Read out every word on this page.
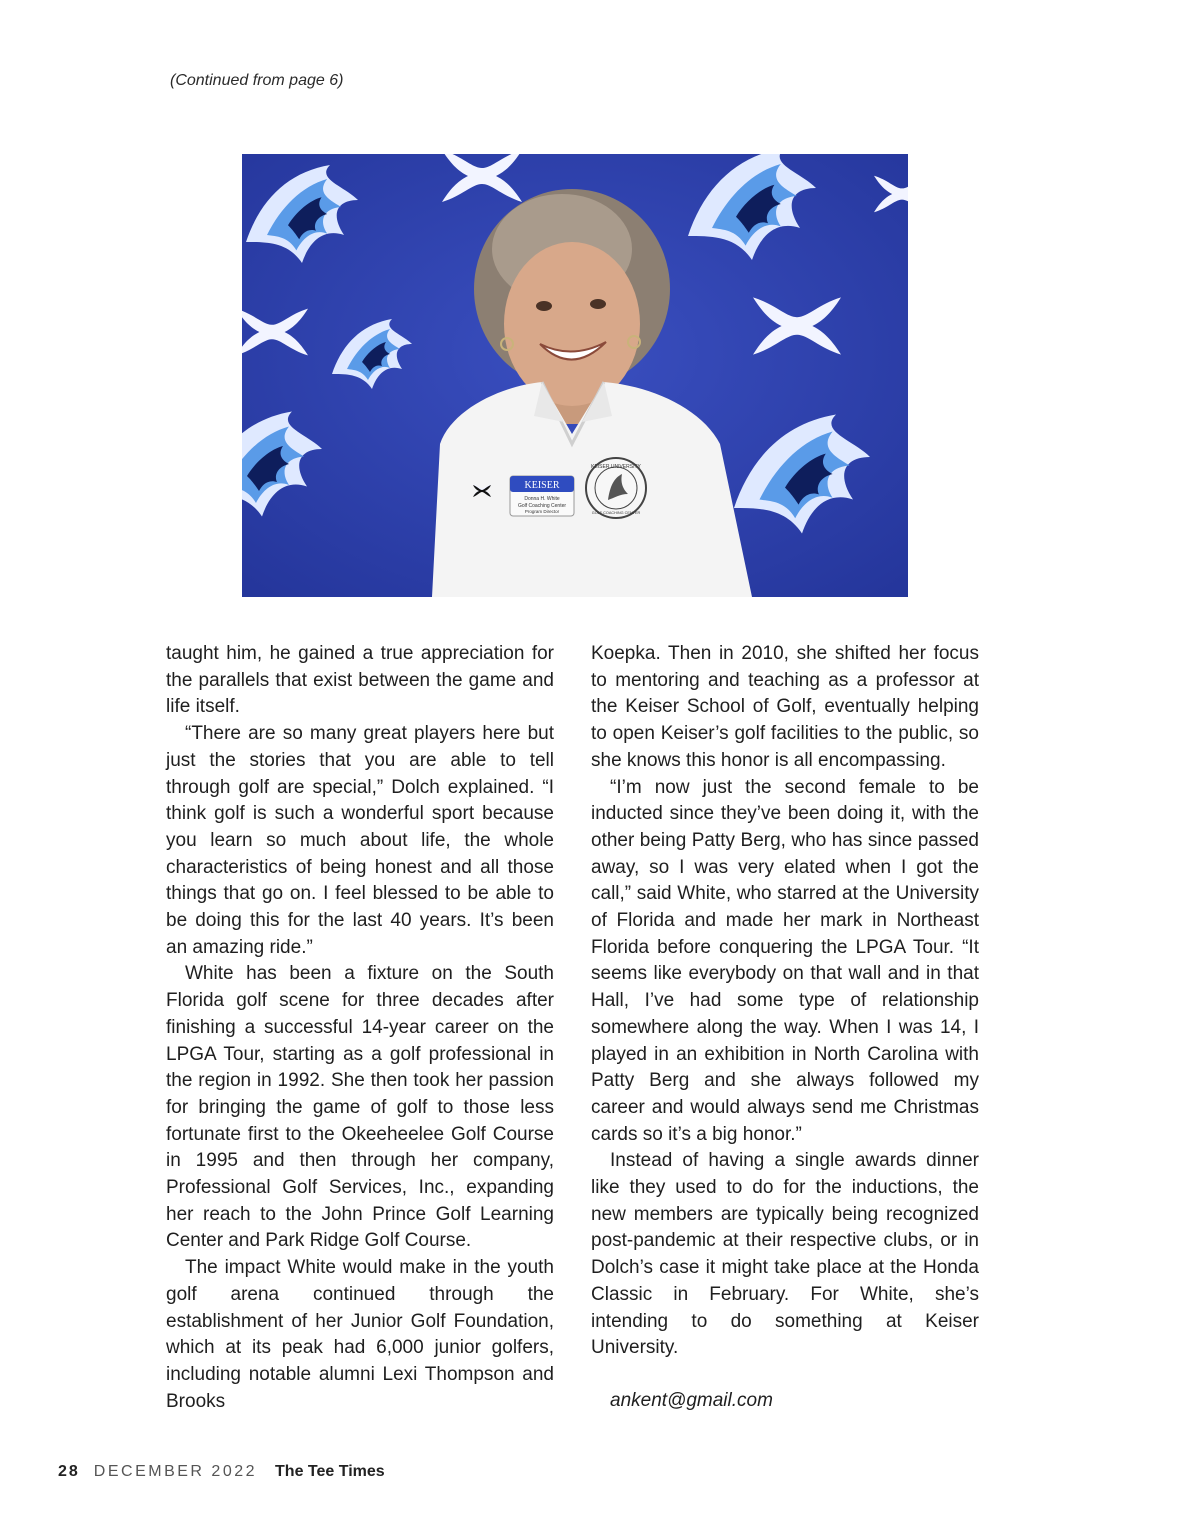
(Continued from page 6)
KEISER
Donna H. White
Golf Coaching Center
Program Director
KEISER UNIVERSITY
GOLF COACHING CENTER

taught him, he gained a true appreciation for the parallels that exist between the game and life itself.

“There are so many great players here but just the stories that you are able to tell through golf are special,” Dolch explained. “I think golf is such a wonderful sport because you learn so much about life, the whole characteristics of being honest and all those things that go on. I feel blessed to be able to be doing this for the last 40 years. It’s been an amazing ride.”

White has been a fixture on the South Florida golf scene for three decades after finishing a successful 14-year career on the LPGA Tour, starting as a golf professional in the region in 1992. She then took her passion for bringing the game of golf to those less fortunate first to the Okeeheelee Golf Course in 1995 and then through her company, Professional Golf Services, Inc., expanding her reach to the John Prince Golf Learning Center and Park Ridge Golf Course.

The impact White would make in the youth golf arena continued through the establishment of her Junior Golf Foundation, which at its peak had 6,000 junior golfers, including notable alumni Lexi Thompson and Brooks

Koepka. Then in 2010, she shifted her focus to mentoring and teaching as a professor at the Keiser School of Golf, eventually helping to open Keiser’s golf facilities to the public, so she knows this honor is all encompassing.

“I’m now just the second female to be inducted since they’ve been doing it, with the other being Patty Berg, who has since passed away, so I was very elated when I got the call,” said White, who starred at the University of Florida and made her mark in Northeast Florida before conquering the LPGA Tour. “It seems like everybody on that wall and in that Hall, I’ve had some type of relationship somewhere along the way. When I was 14, I played in an exhibition in North Carolina with Patty Berg and she always followed my career and would always send me Christmas cards so it’s a big honor.”

Instead of having a single awards dinner like they used to do for the inductions, the new members are typically being recognized post-pandemic at their respective clubs, or in Dolch’s case it might take place at the Honda Classic in February. For White, she’s intending to do something at Keiser University.

ankent@gmail.com

28 DECEMBER 2022 The Tee Times
